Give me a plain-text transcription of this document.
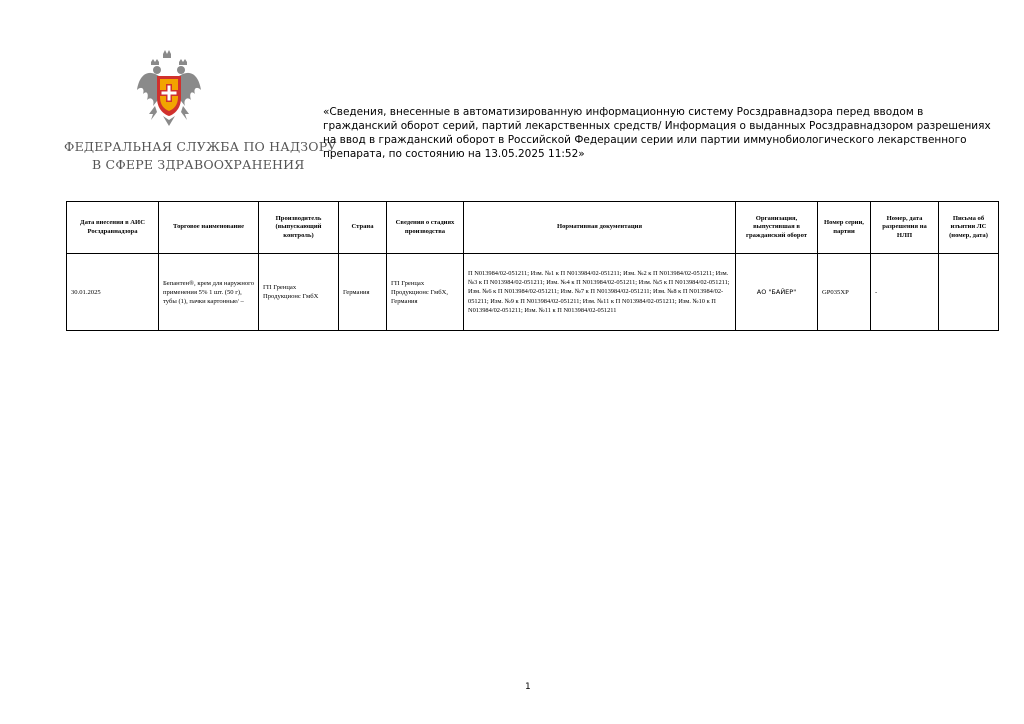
ФЕДЕРАЛЬНАЯ СЛУЖБА ПО НАДЗОРУ
В СФЕРЕ ЗДРАВООХРАНЕНИЯ
«Сведения, внесенные в автоматизированную информационную систему Росздравнадзора перед вводом в гражданский оборот серий, партий лекарственных средств/ Информация о выданных Росздравнадзором разрешениях на ввод в гражданский оборот в Российской Федерации серии или партии иммунобиологического лекарственного препарата, по состоянию на 13.05.2025 11:52»
Дата внесения в АИС Росздравнадзора	Торговое наименование	Производитель (выпускающий контроль)	Страна	Сведения о стадиях производства	Нормативная документация	Организация, выпустившая в гражданский оборот	Номер серии, партии	Номер, дата разрешения на НЛП	Письма об изъятии ЛС (номер, дата)
30.01.2025	Бепантен®, крем для наружного применения 5% 1 шт. (50 г), тубы (1), пачки картонные/ –	ГП Гренцах Продукционс ГмбХ	Германия	ГП Гренцах Продукционс ГмбХ, Германия	П N013984/02-051211; Изм. №1 к П N013984/02-051211; Изм. №2 к П N013984/02-051211; Изм. №3 к П N013984/02-051211; Изм. №4 к П N013984/02-051211; Изм. №5 к П N013984/02-051211; Изм. №6 к П N013984/02-051211; Изм. №7 к П N013984/02-051211; Изм. №8 к П N013984/02-051211; Изм. №9 к П N013984/02-051211; Изм. №11 к П N013984/02-051211; Изм. №10 к П N013984/02-051211; Изм. №11 к П N013984/02-051211	АО "БАЙЕР"	GP035XP	-	
1
